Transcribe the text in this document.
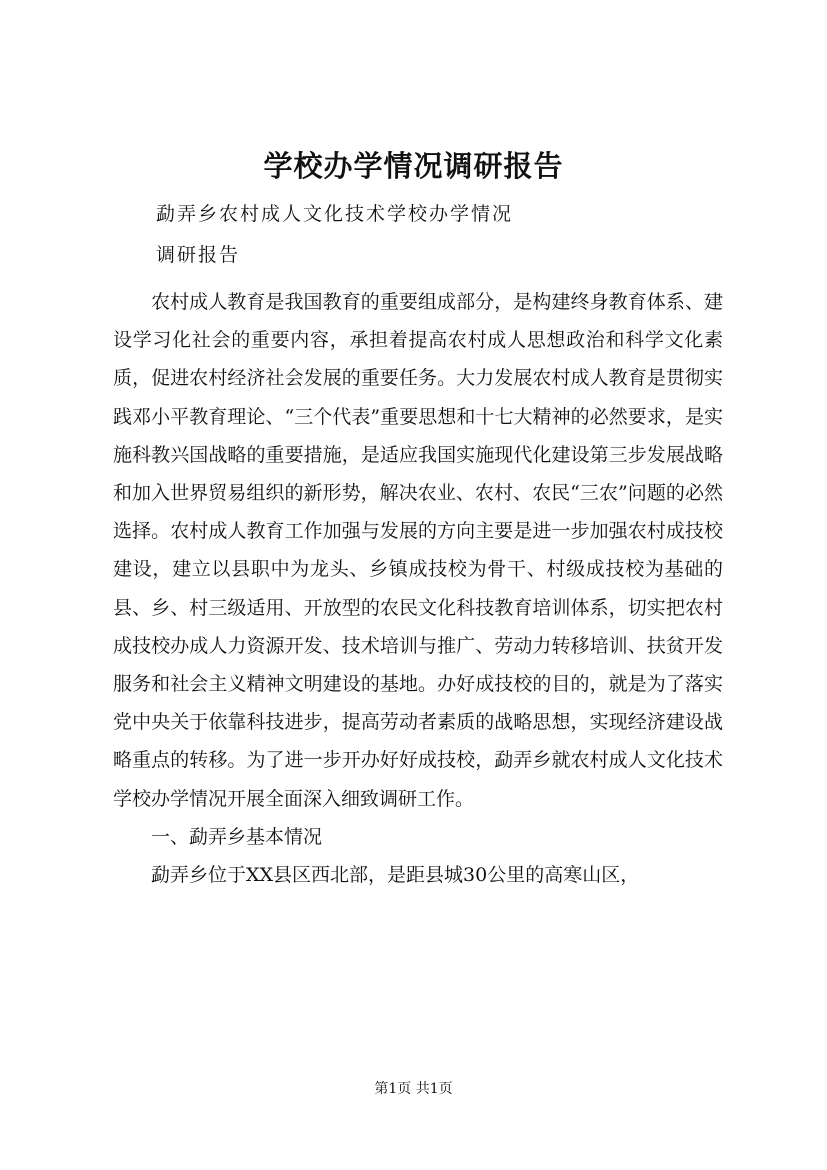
学校办学情况调研报告
勐弄乡农村成人文化技术学校办学情况
调研报告

农村成人教育是我国教育的重要组成部分，是构建终身教育体系、建设学习化社会的重要内容，承担着提高农村成人思想政治和科学文化素质，促进农村经济社会发展的重要任务。大力发展农村成人教育是贯彻实践邓小平教育理论、“三个代表”重要思想和十七大精神的必然要求，是实施科教兴国战略的重要措施，是适应我国实施现代化建设第三步发展战略和加入世界贸易组织的新形势，解决农业、农村、农民“三农”问题的必然选择。农村成人教育工作加强与发展的方向主要是进一步加强农村成技校建设，建立以县职中为龙头、乡镇成技校为骨干、村级成技校为基础的县、乡、村三级适用、开放型的农民文化科技教育培训体系，切实把农村成技校办成人力资源开发、技术培训与推广、劳动力转移培训、扶贫开发服务和社会主义精神文明建设的基地。办好成技校的目的，就是为了落实党中央关于依靠科技进步，提高劳动者素质的战略思想，实现经济建设战略重点的转移。为了进一步开办好好成技校，勐弄乡就农村成人文化技术学校办学情况开展全面深入细致调研工作。

一、勐弄乡基本情况

勐弄乡位于XX县区西北部，是距县城30公里的高寒山区，

第1页 共1页
